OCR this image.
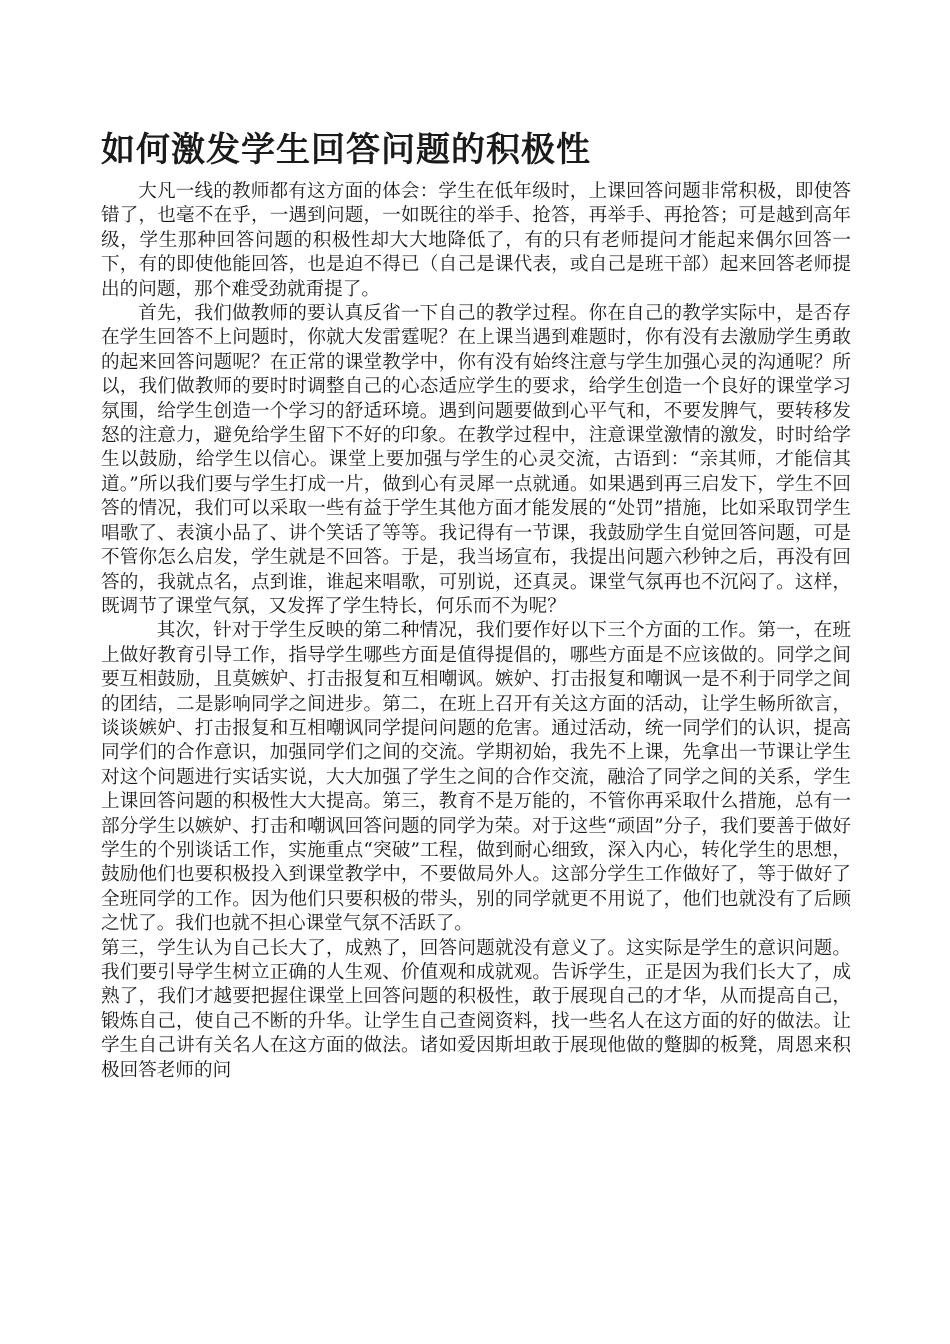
如何激发学生回答问题的积极性

大凡一线的教师都有这方面的体会：学生在低年级时，上课回答问题非常积极，即使答错了，也毫不在乎，一遇到问题，一如既往的举手、抢答，再举手、再抢答；可是越到高年级，学生那种回答问题的积极性却大大地降低了，有的只有老师提问才能起来偶尔回答一下，有的即使他能回答，也是迫不得已（自己是课代表，或自己是班干部）起来回答老师提出的问题，那个难受劲就甭提了。

首先，我们做教师的要认真反省一下自己的教学过程。你在自己的教学实际中，是否存在学生回答不上问题时，你就大发雷霆呢？在上课当遇到难题时，你有没有去激励学生勇敢的起来回答问题呢？在正常的课堂教学中，你有没有始终注意与学生加强心灵的沟通呢？所以，我们做教师的要时时调整自己的心态适应学生的要求，给学生创造一个良好的课堂学习氛围，给学生创造一个学习的舒适环境。遇到问题要做到心平气和，不要发脾气，要转移发怒的注意力，避免给学生留下不好的印象。在教学过程中，注意课堂激情的激发，时时给学生以鼓励，给学生以信心。课堂上要加强与学生的心灵交流，古语到：“亲其师，才能信其道。”所以我们要与学生打成一片，做到心有灵犀一点就通。如果遇到再三启发下，学生不回答的情况，我们可以采取一些有益于学生其他方面才能发展的“处罚”措施，比如采取罚学生唱歌了、表演小品了、讲个笑话了等等。我记得有一节课，我鼓励学生自觉回答问题，可是不管你怎么启发，学生就是不回答。于是，我当场宣布，我提出问题六秒钟之后，再没有回答的，我就点名，点到谁，谁起来唱歌，可别说，还真灵。课堂气氛再也不沉闷了。这样，既调节了课堂气氛，又发挥了学生特长，何乐而不为呢？

其次，针对于学生反映的第二种情况，我们要作好以下三个方面的工作。第一，在班上做好教育引导工作，指导学生哪些方面是值得提倡的，哪些方面是不应该做的。同学之间要互相鼓励，且莫嫉妒、打击报复和互相嘲讽。嫉妒、打击报复和嘲讽一是不利于同学之间的团结，二是影响同学之间进步。第二，在班上召开有关这方面的活动，让学生畅所欲言，谈谈嫉妒、打击报复和互相嘲讽同学提问问题的危害。通过活动，统一同学们的认识，提高同学们的合作意识，加强同学们之间的交流。学期初始，我先不上课，先拿出一节课让学生对这个问题进行实话实说，大大加强了学生之间的合作交流，融洽了同学之间的关系，学生上课回答问题的积极性大大提高。第三，教育不是万能的，不管你再采取什么措施，总有一部分学生以嫉妒、打击和嘲讽回答问题的同学为荣。对于这些“顽固”分子，我们要善于做好学生的个别谈话工作，实施重点“突破”工程，做到耐心细致，深入内心，转化学生的思想，鼓励他们也要积极投入到课堂教学中，不要做局外人。这部分学生工作做好了，等于做好了全班同学的工作。因为他们只要积极的带头，别的同学就更不用说了，他们也就没有了后顾之忧了。我们也就不担心课堂气氛不活跃了。

第三，学生认为自己长大了，成熟了，回答问题就没有意义了。这实际是学生的意识问题。我们要引导学生树立正确的人生观、价值观和成就观。告诉学生，正是因为我们长大了，成熟了，我们才越要把握住课堂上回答问题的积极性，敢于展现自己的才华，从而提高自己，锻炼自己，使自己不断的升华。让学生自己查阅资料，找一些名人在这方面的好的做法。让学生自己讲有关名人在这方面的做法。诸如爱因斯坦敢于展现他做的蹩脚的板凳，周恩来积极回答老师的问
